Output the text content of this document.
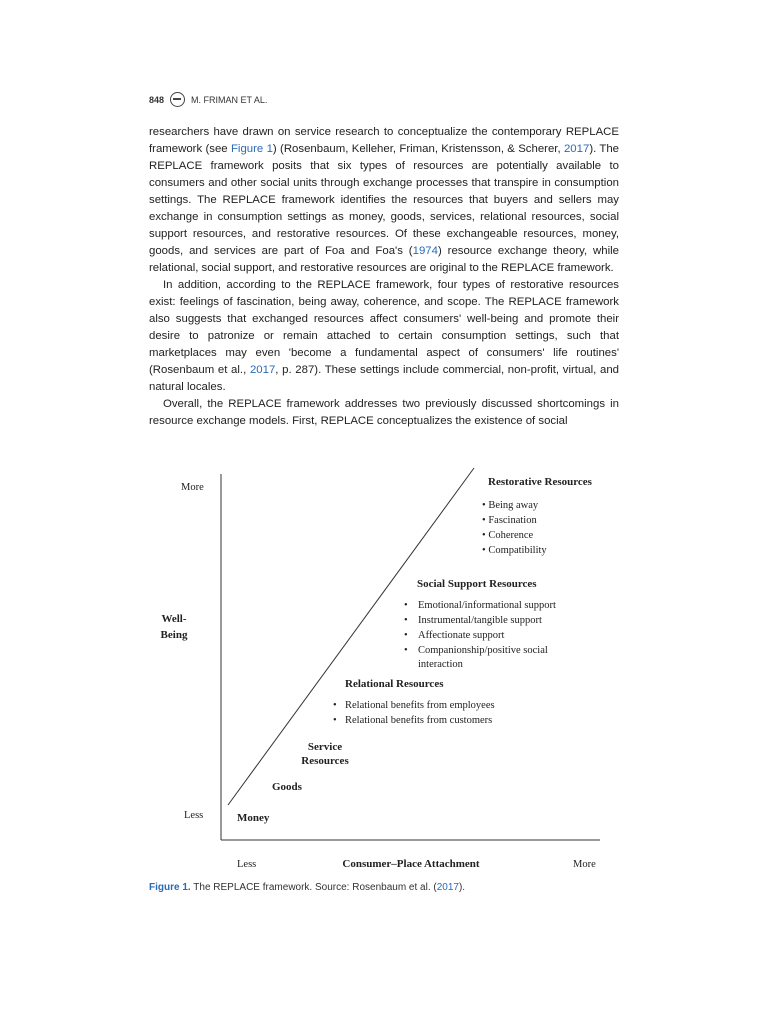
848	M. FRIMAN ET AL.

researchers have drawn on service research to conceptualize the contemporary REPLACE framework (see Figure 1) (Rosenbaum, Kelleher, Friman, Kristensson, & Scherer, 2017). The REPLACE framework posits that six types of resources are potentially available to consumers and other social units through exchange processes that transpire in consumption settings. The REPLACE framework identifies the resources that buyers and sellers may exchange in consumption settings as money, goods, services, relational resources, social support resources, and restorative resources. Of these exchangeable resources, money, goods, and services are part of Foa and Foa's (1974) resource exchange theory, while relational, social support, and restorative resources are original to the REPLACE framework.

In addition, according to the REPLACE framework, four types of restorative resources exist: feelings of fascination, being away, coherence, and scope. The REPLACE framework also suggests that exchanged resources affect consumers' well-being and promote their desire to patronize or remain attached to certain consumption settings, such that marketplaces may even 'become a fundamental aspect of consumers' life routines' (Rosenbaum et al., 2017, p. 287). These settings include commercial, non-profit, virtual, and natural locales.

Overall, the REPLACE framework addresses two previously discussed shortcomings in resource exchange models. First, REPLACE conceptualizes the existence of social

More
Well-
Being
Less
Less	Consumer–Place Attachment	More
Restorative Resources
• Being away
• Fascination
• Coherence
• Compatibility
Social Support Resources
• Emotional/informational support
• Instrumental/tangible support
• Affectionate support
• Companionship/positive social
interaction
Relational Resources
• Relational benefits from employees
• Relational benefits from customers
Service
Resources
Goods
Money
Figure 1. The REPLACE framework. Source: Rosenbaum et al. (2017).
